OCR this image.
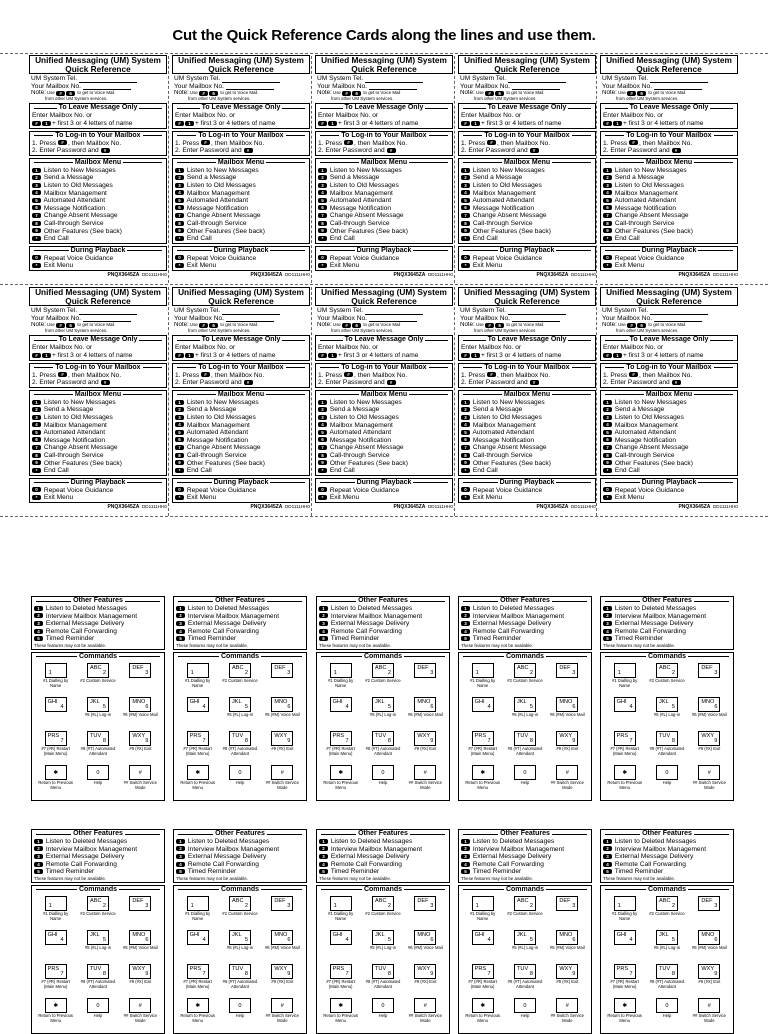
Cut the Quick Reference Cards along the lines and use them.
Unified Messaging (UM) System
Quick Reference
UM System Tel.
Your Mailbox No.
Note: Use # 6 to get to Voice Mail
from other UM System services.
To Leave Message Only
Enter Mailbox No. or
# 1 + first 3 or 4 letters of name
To Log-in to Your Mailbox
1. Press # , then Mailbox No.
2. Enter Password and #
Mailbox Menu
1 Listen to New Messages
2 Send a Message
3 Listen to Old Messages
4 Mailbox Management
5 Automated Attendant
6 Message Notification
7 Change Absent Message
8 Call-through Service
9 Other Features (See back)
* End Call
During Playback
0 Repeat Voice Guidance
* Exit Menu
PNQX3645ZA DD1111HH0
Unified Messaging (UM) System
Quick Reference
UM System Tel.
Your Mailbox No.
Note: Use # 6 to get to Voice Mail
from other UM System services.
To Leave Message Only
Enter Mailbox No. or
# 1 + first 3 or 4 letters of name
To Log-in to Your Mailbox
1. Press # , then Mailbox No.
2. Enter Password and #
Mailbox Menu
1 Listen to New Messages
2 Send a Message
3 Listen to Old Messages
4 Mailbox Management
5 Automated Attendant
6 Message Notification
7 Change Absent Message
8 Call-through Service
9 Other Features (See back)
* End Call
During Playback
0 Repeat Voice Guidance
* Exit Menu
PNQX3645ZA DD1111HH0
Unified Messaging (UM) System
Quick Reference
UM System Tel.
Your Mailbox No.
Note: Use # 6 to get to Voice Mail
from other UM System services.
To Leave Message Only
Enter Mailbox No. or
# 1 + first 3 or 4 letters of name
To Log-in to Your Mailbox
1. Press # , then Mailbox No.
2. Enter Password and #
Mailbox Menu
1 Listen to New Messages
2 Send a Message
3 Listen to Old Messages
4 Mailbox Management
5 Automated Attendant
6 Message Notification
7 Change Absent Message
8 Call-through Service
9 Other Features (See back)
* End Call
During Playback
0 Repeat Voice Guidance
* Exit Menu
PNQX3645ZA DD1111HH0
Unified Messaging (UM) System
Quick Reference
UM System Tel.
Your Mailbox No.
Note: Use # 6 to get to Voice Mail
from other UM System services.
To Leave Message Only
Enter Mailbox No. or
# 1 + first 3 or 4 letters of name
To Log-in to Your Mailbox
1. Press # , then Mailbox No.
2. Enter Password and #
Mailbox Menu
1 Listen to New Messages
2 Send a Message
3 Listen to Old Messages
4 Mailbox Management
5 Automated Attendant
6 Message Notification
7 Change Absent Message
8 Call-through Service
9 Other Features (See back)
* End Call
During Playback
0 Repeat Voice Guidance
* Exit Menu
PNQX3645ZA DD1111HH0
Unified Messaging (UM) System
Quick Reference
UM System Tel.
Your Mailbox No.
Note: Use # 6 to get to Voice Mail
from other UM System services.
To Leave Message Only
Enter Mailbox No. or
# 1 + first 3 or 4 letters of name
To Log-in to Your Mailbox
1. Press # , then Mailbox No.
2. Enter Password and #
Mailbox Menu
1 Listen to New Messages
2 Send a Message
3 Listen to Old Messages
4 Mailbox Management
5 Automated Attendant
6 Message Notification
7 Change Absent Message
8 Call-through Service
9 Other Features (See back)
* End Call
During Playback
0 Repeat Voice Guidance
* Exit Menu
PNQX3645ZA DD1111HH0
Unified Messaging (UM) System
Quick Reference
UM System Tel.
Your Mailbox No.
Note: Use # 6 to get to Voice Mail
from other UM System services.
To Leave Message Only
Enter Mailbox No. or
# 1 + first 3 or 4 letters of name
To Log-in to Your Mailbox
1. Press # , then Mailbox No.
2. Enter Password and #
Mailbox Menu
1 Listen to New Messages
2 Send a Message
3 Listen to Old Messages
4 Mailbox Management
5 Automated Attendant
6 Message Notification
7 Change Absent Message
8 Call-through Service
9 Other Features (See back)
* End Call
During Playback
0 Repeat Voice Guidance
* Exit Menu
PNQX3645ZA DD1111HH0
Unified Messaging (UM) System
Quick Reference
UM System Tel.
Your Mailbox No.
Note: Use # 6 to get to Voice Mail
from other UM System services.
To Leave Message Only
Enter Mailbox No. or
# 1 + first 3 or 4 letters of name
To Log-in to Your Mailbox
1. Press # , then Mailbox No.
2. Enter Password and #
Mailbox Menu
1 Listen to New Messages
2 Send a Message
3 Listen to Old Messages
4 Mailbox Management
5 Automated Attendant
6 Message Notification
7 Change Absent Message
8 Call-through Service
9 Other Features (See back)
* End Call
During Playback
0 Repeat Voice Guidance
* Exit Menu
PNQX3645ZA DD1111HH0
Unified Messaging (UM) System
Quick Reference
UM System Tel.
Your Mailbox No.
Note: Use # 6 to get to Voice Mail
from other UM System services.
To Leave Message Only
Enter Mailbox No. or
# 1 + first 3 or 4 letters of name
To Log-in to Your Mailbox
1. Press # , then Mailbox No.
2. Enter Password and #
Mailbox Menu
1 Listen to New Messages
2 Send a Message
3 Listen to Old Messages
4 Mailbox Management
5 Automated Attendant
6 Message Notification
7 Change Absent Message
8 Call-through Service
9 Other Features (See back)
* End Call
During Playback
0 Repeat Voice Guidance
* Exit Menu
PNQX3645ZA DD1111HH0
Unified Messaging (UM) System
Quick Reference
UM System Tel.
Your Mailbox No.
Note: Use # 6 to get to Voice Mail
from other UM System services.
To Leave Message Only
Enter Mailbox No. or
# 1 + first 3 or 4 letters of name
To Log-in to Your Mailbox
1. Press # , then Mailbox No.
2. Enter Password and #
Mailbox Menu
1 Listen to New Messages
2 Send a Message
3 Listen to Old Messages
4 Mailbox Management
5 Automated Attendant
6 Message Notification
7 Change Absent Message
8 Call-through Service
9 Other Features (See back)
* End Call
During Playback
0 Repeat Voice Guidance
* Exit Menu
PNQX3645ZA DD1111HH0
Unified Messaging (UM) System
Quick Reference
UM System Tel.
Your Mailbox No.
Note: Use # 6 to get to Voice Mail
from other UM System services.
To Leave Message Only
Enter Mailbox No. or
# 1 + first 3 or 4 letters of name
To Log-in to Your Mailbox
1. Press # , then Mailbox No.
2. Enter Password and #
Mailbox Menu
1 Listen to New Messages
2 Send a Message
3 Listen to Old Messages
4 Mailbox Management
5 Automated Attendant
6 Message Notification
7 Change Absent Message
8 Call-through Service
9 Other Features (See back)
* End Call
During Playback
0 Repeat Voice Guidance
* Exit Menu
PNQX3645ZA DD1111HH0
Other Features
1 Listen to Deleted Messages
2 Interview Mailbox Management
3 External Message Delivery
4 Remote Call Forwarding
5 Timed Reminder
These features may not be available.
Commands
1
#1 Dialling by Name
ABC
2
#2 Custom Service
DEF
3
GHI
4
JKL
5
#5 (#L) Log-in
MNO
6
#6 (#M) Voice Mail
PRS
7
#7 (#R) Restart (Main Menu)
TUV
8
#8 (#T) Automated Attendant
WXY
9
#9 (#X) Exit
✱
Return to Previous Menu
0
Help
#
## Switch Service Mode
Other Features
1 Listen to Deleted Messages
2 Interview Mailbox Management
3 External Message Delivery
4 Remote Call Forwarding
5 Timed Reminder
These features may not be available.
Commands
1
#1 Dialling by Name
ABC
2
#2 Custom Service
DEF
3
GHI
4
JKL
5
#5 (#L) Log-in
MNO
6
#6 (#M) Voice Mail
PRS
7
#7 (#R) Restart (Main Menu)
TUV
8
#8 (#T) Automated Attendant
WXY
9
#9 (#X) Exit
✱
Return to Previous Menu
0
Help
#
## Switch Service Mode
Other Features
1 Listen to Deleted Messages
2 Interview Mailbox Management
3 External Message Delivery
4 Remote Call Forwarding
5 Timed Reminder
These features may not be available.
Commands
1
#1 Dialling by Name
ABC
2
#2 Custom Service
DEF
3
GHI
4
JKL
5
#5 (#L) Log-in
MNO
6
#6 (#M) Voice Mail
PRS
7
#7 (#R) Restart (Main Menu)
TUV
8
#8 (#T) Automated Attendant
WXY
9
#9 (#X) Exit
✱
Return to Previous Menu
0
Help
#
## Switch Service Mode
Other Features
1 Listen to Deleted Messages
2 Interview Mailbox Management
3 External Message Delivery
4 Remote Call Forwarding
5 Timed Reminder
These features may not be available.
Commands
1
#1 Dialling by Name
ABC
2
#2 Custom Service
DEF
3
GHI
4
JKL
5
#5 (#L) Log-in
MNO
6
#6 (#M) Voice Mail
PRS
7
#7 (#R) Restart (Main Menu)
TUV
8
#8 (#T) Automated Attendant
WXY
9
#9 (#X) Exit
✱
Return to Previous Menu
0
Help
#
## Switch Service Mode
Other Features
1 Listen to Deleted Messages
2 Interview Mailbox Management
3 External Message Delivery
4 Remote Call Forwarding
5 Timed Reminder
These features may not be available.
Commands
1
#1 Dialling by Name
ABC
2
#2 Custom Service
DEF
3
GHI
4
JKL
5
#5 (#L) Log-in
MNO
6
#6 (#M) Voice Mail
PRS
7
#7 (#R) Restart (Main Menu)
TUV
8
#8 (#T) Automated Attendant
WXY
9
#9 (#X) Exit
✱
Return to Previous Menu
0
Help
#
## Switch Service Mode
Other Features
1 Listen to Deleted Messages
2 Interview Mailbox Management
3 External Message Delivery
4 Remote Call Forwarding
5 Timed Reminder
These features may not be available.
Commands
1
#1 Dialling by Name
ABC
2
#2 Custom Service
DEF
3
GHI
4
JKL
5
#5 (#L) Log-in
MNO
6
#6 (#M) Voice Mail
PRS
7
#7 (#R) Restart (Main Menu)
TUV
8
#8 (#T) Automated Attendant
WXY
9
#9 (#X) Exit
✱
Return to Previous Menu
0
Help
#
## Switch Service Mode
Other Features
1 Listen to Deleted Messages
2 Interview Mailbox Management
3 External Message Delivery
4 Remote Call Forwarding
5 Timed Reminder
These features may not be available.
Commands
1
#1 Dialling by Name
ABC
2
#2 Custom Service
DEF
3
GHI
4
JKL
5
#5 (#L) Log-in
MNO
6
#6 (#M) Voice Mail
PRS
7
#7 (#R) Restart (Main Menu)
TUV
8
#8 (#T) Automated Attendant
WXY
9
#9 (#X) Exit
✱
Return to Previous Menu
0
Help
#
## Switch Service Mode
Other Features
1 Listen to Deleted Messages
2 Interview Mailbox Management
3 External Message Delivery
4 Remote Call Forwarding
5 Timed Reminder
These features may not be available.
Commands
1
#1 Dialling by Name
ABC
2
#2 Custom Service
DEF
3
GHI
4
JKL
5
#5 (#L) Log-in
MNO
6
#6 (#M) Voice Mail
PRS
7
#7 (#R) Restart (Main Menu)
TUV
8
#8 (#T) Automated Attendant
WXY
9
#9 (#X) Exit
✱
Return to Previous Menu
0
Help
#
## Switch Service Mode
Other Features
1 Listen to Deleted Messages
2 Interview Mailbox Management
3 External Message Delivery
4 Remote Call Forwarding
5 Timed Reminder
These features may not be available.
Commands
1
#1 Dialling by Name
ABC
2
#2 Custom Service
DEF
3
GHI
4
JKL
5
#5 (#L) Log-in
MNO
6
#6 (#M) Voice Mail
PRS
7
#7 (#R) Restart (Main Menu)
TUV
8
#8 (#T) Automated Attendant
WXY
9
#9 (#X) Exit
✱
Return to Previous Menu
0
Help
#
## Switch Service Mode
Other Features
1 Listen to Deleted Messages
2 Interview Mailbox Management
3 External Message Delivery
4 Remote Call Forwarding
5 Timed Reminder
These features may not be available.
Commands
1
#1 Dialling by Name
ABC
2
#2 Custom Service
DEF
3
GHI
4
JKL
5
#5 (#L) Log-in
MNO
6
#6 (#M) Voice Mail
PRS
7
#7 (#R) Restart (Main Menu)
TUV
8
#8 (#T) Automated Attendant
WXY
9
#9 (#X) Exit
✱
Return to Previous Menu
0
Help
#
## Switch Service Mode
